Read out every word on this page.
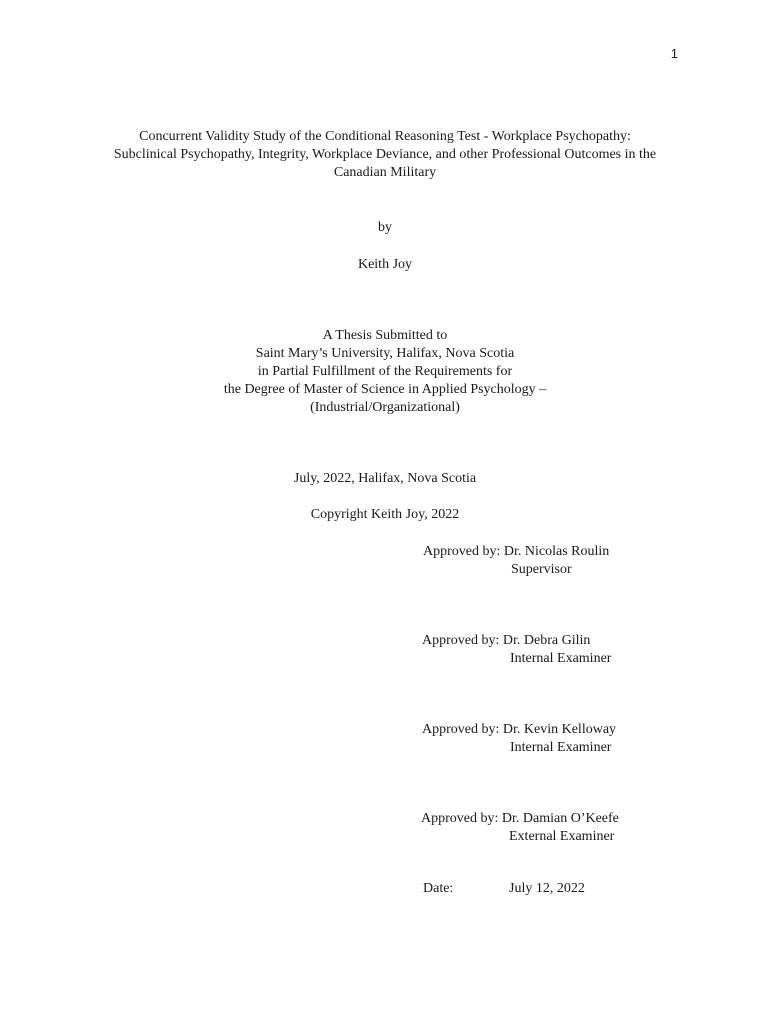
1
Concurrent Validity Study of the Conditional Reasoning Test - Workplace Psychopathy:
Subclinical Psychopathy, Integrity, Workplace Deviance, and other Professional Outcomes in the
Canadian Military
by
Keith Joy
A Thesis Submitted to
Saint Mary’s University, Halifax, Nova Scotia
in Partial Fulfillment of the Requirements for
the Degree of Master of Science in Applied Psychology –
(Industrial/Organizational)
July, 2022, Halifax, Nova Scotia
Copyright Keith Joy, 2022
Approved by: Dr. Nicolas Roulin
Supervisor
Approved by: Dr. Debra Gilin
Internal Examiner
Approved by: Dr. Kevin Kelloway
Internal Examiner
Approved by: Dr. Damian O’Keefe
External Examiner
Date:	July 12, 2022
